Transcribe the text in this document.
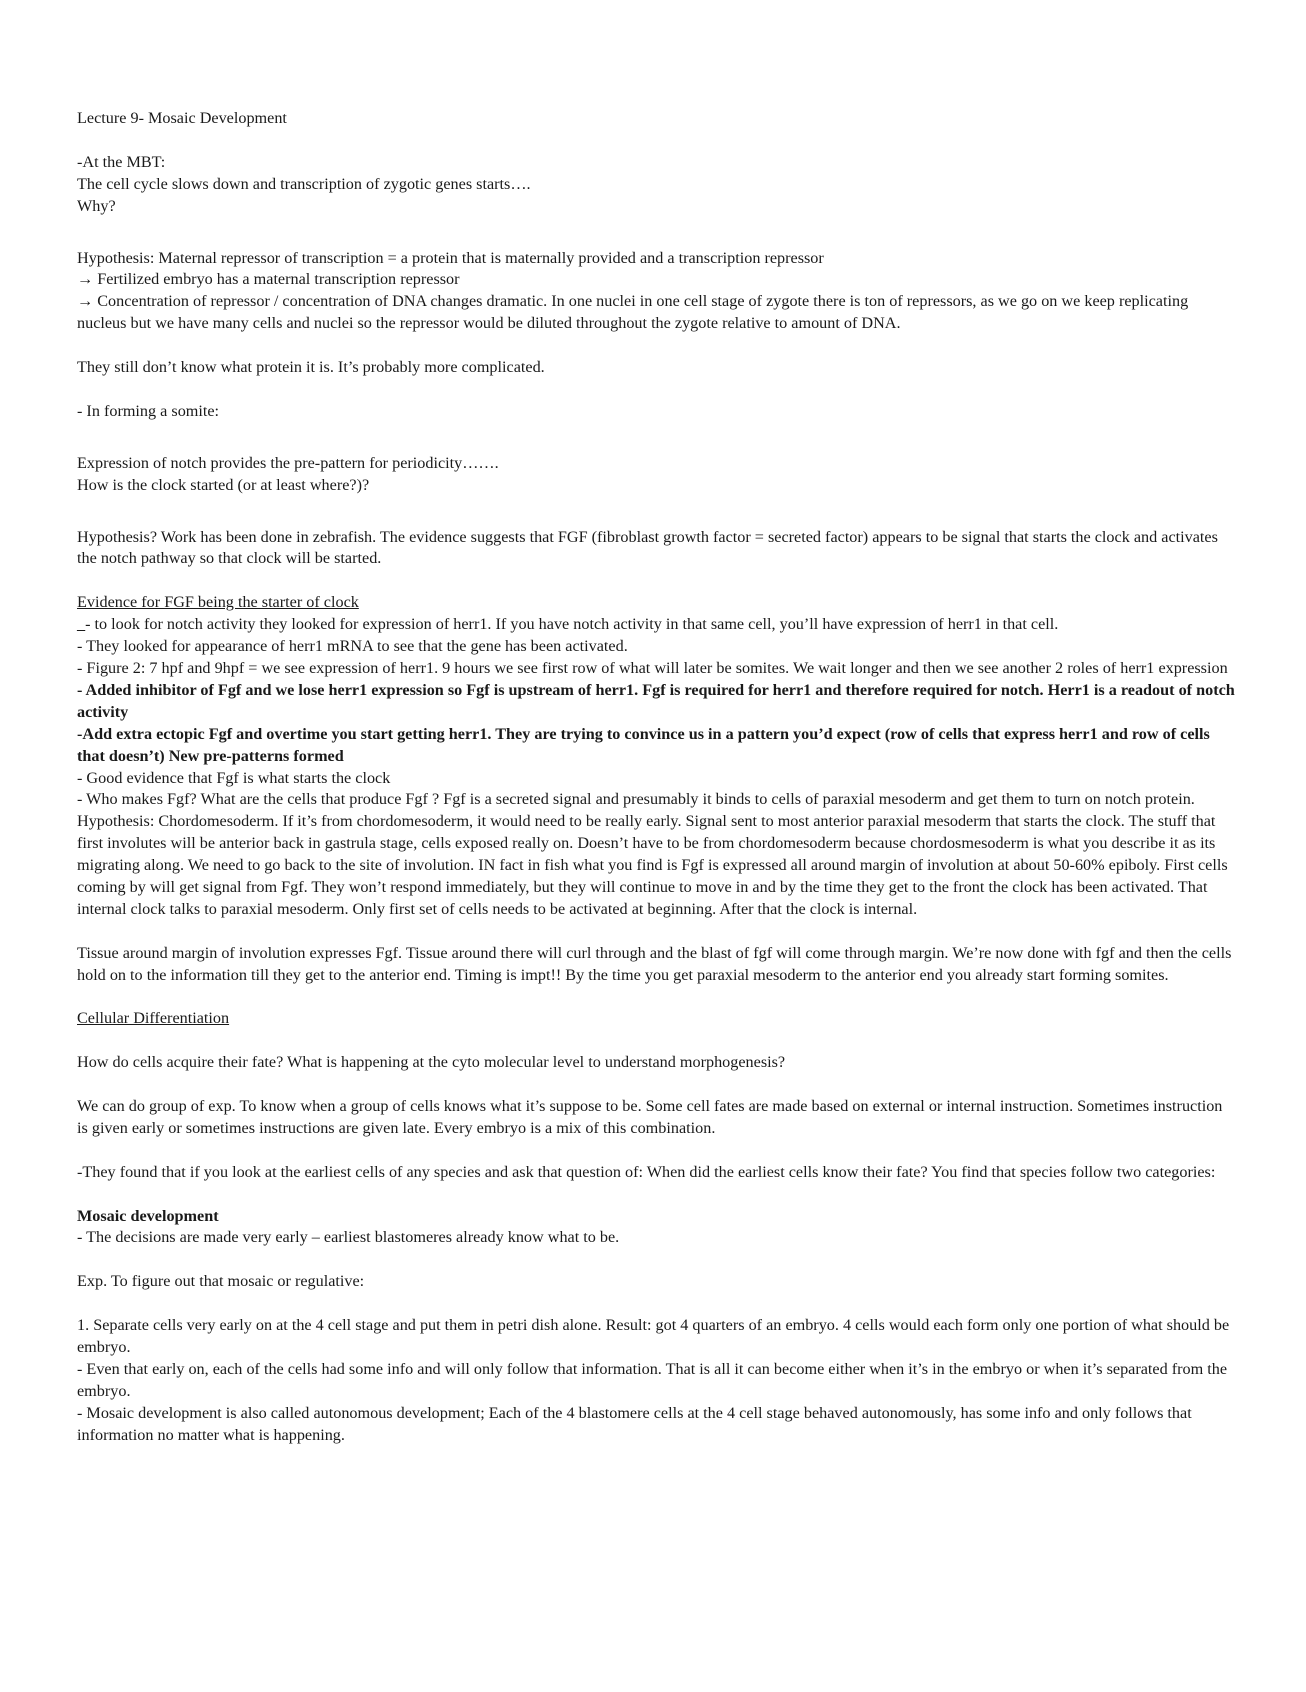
Lecture 9- Mosaic Development

-At the MBT:

The cell cycle slows down and transcription of zygotic genes starts….

Why?

Hypothesis: Maternal repressor of transcription = a protein that is maternally provided and a transcription repressor

→ Fertilized embryo has a maternal transcription repressor

→ Concentration of repressor / concentration of DNA changes dramatic. In one nuclei in one cell stage of zygote there is ton of repressors, as we go on we keep replicating nucleus but we have many cells and nuclei so the repressor would be diluted throughout the zygote relative to amount of DNA.

They still don’t know what protein it is. It’s probably more complicated.

- In forming a somite:

Expression of notch provides the pre-pattern for periodicity…….

How is the clock started (or at least where?)?

Hypothesis? Work has been done in zebrafish. The evidence suggests that FGF (fibroblast growth factor = secreted factor) appears to be signal that starts the clock and activates the notch pathway so that clock will be started.

Evidence for FGF being the starter of clock

_- to look for notch activity they looked for expression of herr1. If you have notch activity in that same cell, you’ll have expression of herr1 in that cell.

- They looked for appearance of herr1 mRNA to see that the gene has been activated.

- Figure 2: 7 hpf and 9hpf = we see expression of herr1. 9 hours we see first row of what will later be somites. We wait longer and then we see another 2 roles of herr1 expression

- Added inhibitor of Fgf and we lose herr1 expression so Fgf is upstream of herr1. Fgf is required for herr1 and therefore required for notch. Herr1 is a readout of notch activity

-Add extra ectopic Fgf and overtime you start getting herr1. They are trying to convince us in a pattern you’d expect (row of cells that express herr1 and row of cells that doesn’t) New pre-patterns formed

- Good evidence that Fgf is what starts the clock

- Who makes Fgf? What are the cells that produce Fgf ? Fgf is a secreted signal and presumably it binds to cells of paraxial mesoderm and get them to turn on notch protein. Hypothesis: Chordomesoderm. If it’s from chordomesoderm, it would need to be really early. Signal sent to most anterior paraxial mesoderm that starts the clock. The stuff that first involutes will be anterior back in gastrula stage, cells exposed really on. Doesn’t have to be from chordomesoderm because chordosmesoderm is what you describe it as its migrating along. We need to go back to the site of involution. IN fact in fish what you find is Fgf is expressed all around margin of involution at about 50-60% epiboly. First cells coming by will get signal from Fgf. They won’t respond immediately, but they will continue to move in and by the time they get to the front the clock has been activated. That internal clock talks to paraxial mesoderm. Only first set of cells needs to be activated at beginning. After that the clock is internal.

Tissue around margin of involution expresses Fgf. Tissue around there will curl through and the blast of fgf will come through margin. We’re now done with fgf and then the cells hold on to the information till they get to the anterior end. Timing is impt!! By the time you get paraxial mesoderm to the anterior end you already start forming somites.

Cellular Differentiation

How do cells acquire their fate? What is happening at the cyto molecular level to understand morphogenesis?

We can do group of exp. To know when a group of cells knows what it’s suppose to be. Some cell fates are made based on external or internal instruction. Sometimes instruction is given early or sometimes instructions are given late. Every embryo is a mix of this combination.

-They found that if you look at the earliest cells of any species and ask that question of: When did the earliest cells know their fate? You find that species follow two categories:

Mosaic development

- The decisions are made very early – earliest blastomeres already know what to be.

Exp. To figure out that mosaic or regulative:

1. Separate cells very early on at the 4 cell stage and put them in petri dish alone. Result: got 4 quarters of an embryo. 4 cells would each form only one portion of what should be embryo.

- Even that early on, each of the cells had some info and will only follow that information. That is all it can become either when it’s in the embryo or when it’s separated from the embryo.

- Mosaic development is also called autonomous development; Each of the 4 blastomere cells at the 4 cell stage behaved autonomously, has some info and only follows that information no matter what is happening.
